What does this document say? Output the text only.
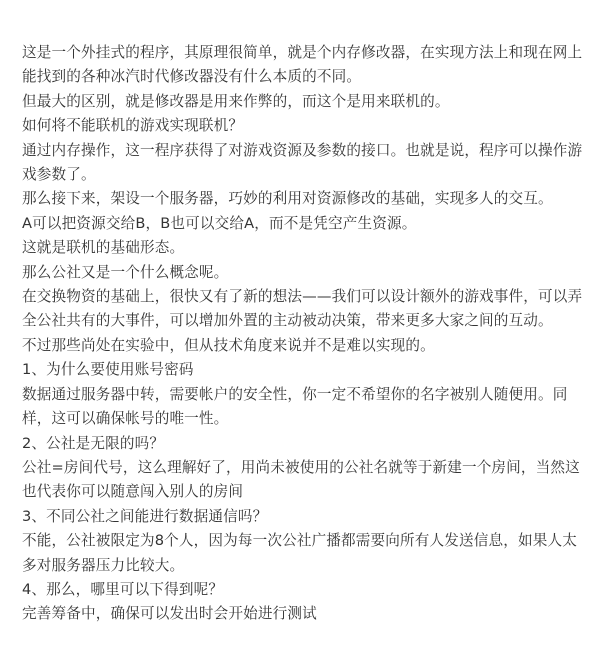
这是一个外挂式的程序，其原理很简单，就是个内存修改器，在实现方法上和现在网上能找到的各种冰汽时代修改器没有什么本质的不同。

但最大的区别，就是修改器是用来作弊的，而这个是用来联机的。

如何将不能联机的游戏实现联机？

通过内存操作，这一程序获得了对游戏资源及参数的接口。也就是说，程序可以操作游戏参数了。

那么接下来，架设一个服务器，巧妙的利用对资源修改的基础，实现多人的交互。

A可以把资源交给B，B也可以交给A，而不是凭空产生资源。

这就是联机的基础形态。

那么公社又是一个什么概念呢。

在交换物资的基础上，很快又有了新的想法——我们可以设计额外的游戏事件，可以弄全公社共有的大事件，可以增加外置的主动被动决策，带来更多大家之间的互动。

不过那些尚处在实验中，但从技术角度来说并不是难以实现的。

1、为什么要使用账号密码

数据通过服务器中转，需要帐户的安全性，你一定不希望你的名字被别人随便用。同样，这可以确保帐号的唯一性。

2、公社是无限的吗？

公社=房间代号，这么理解好了，用尚未被使用的公社名就等于新建一个房间，当然这也代表你可以随意闯入别人的房间

3、不同公社之间能进行数据通信吗？

不能，公社被限定为8个人，因为每一次公社广播都需要向所有人发送信息，如果人太多对服务器压力比较大。

4、那么，哪里可以下得到呢？

完善筹备中，确保可以发出时会开始进行测试
